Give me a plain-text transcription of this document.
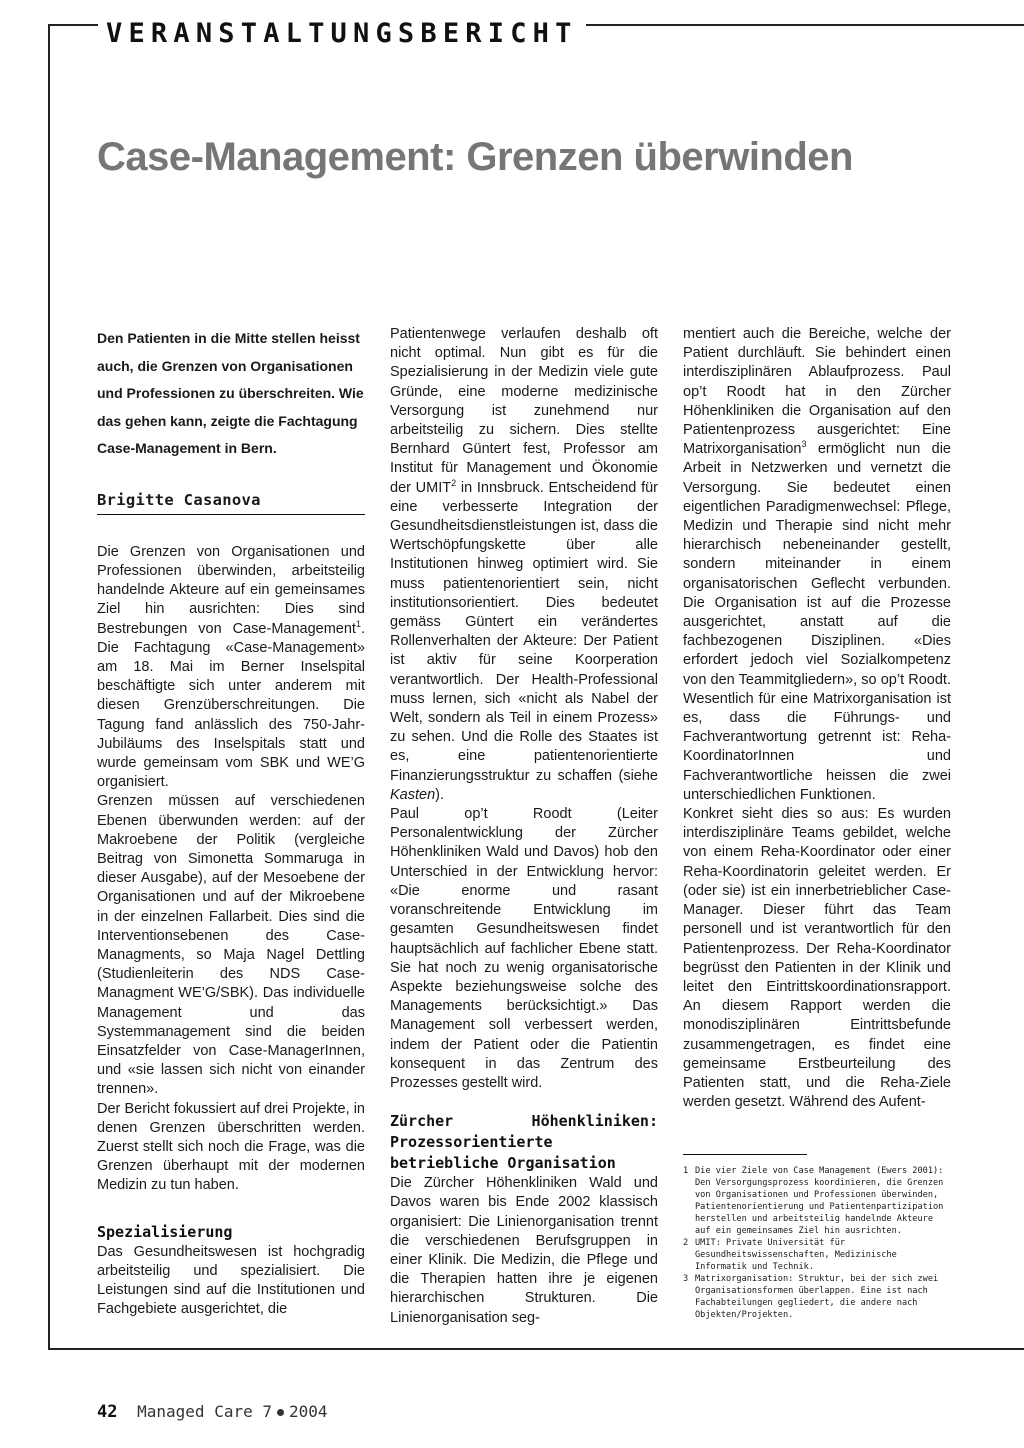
VERANSTALTUNGSBERICHT
Case-Management: Grenzen überwinden

Den Patienten in die Mitte stellen heisst auch, die Grenzen von Organisationen und Professionen zu überschreiten. Wie das gehen kann, zeigte die Fachtagung Case-Management in Bern.

Brigitte Casanova

Die Grenzen von Organisationen und Professionen überwinden, arbeitsteilig handelnde Akteure auf ein gemeinsames Ziel hin ausrichten: Dies sind Bestrebungen von Case-Management$^1$. Die Fachtagung «Case-Management» am 18. Mai im Berner Inselspital beschäftigte sich unter anderem mit diesen Grenzüberschreitungen. Die Tagung fand anlässlich des 750-Jahr-Jubiläums des Inselspitals statt und wurde gemeinsam vom SBK und WE’G organisiert.

Grenzen müssen auf verschiedenen Ebenen überwunden werden: auf der Makroebene der Politik (vergleiche Beitrag von Simonetta Sommaruga in dieser Ausgabe), auf der Mesoebene der Organisationen und auf der Mikroebene in der einzelnen Fallarbeit. Dies sind die Interventionsebenen des Case-Managments, so Maja Nagel Dettling (Studienleiterin des NDS Case-Managment WE’G/SBK). Das individuelle Management und das Systemmanagement sind die beiden Einsatzfelder von Case-ManagerInnen, und «sie lassen sich nicht von einander trennen».

Der Bericht fokussiert auf drei Projekte, in denen Grenzen überschritten werden. Zuerst stellt sich noch die Frage, was die Grenzen überhaupt mit der modernen Medizin zu tun haben.

Spezialisierung

Das Gesundheitswesen ist hochgradig arbeitsteilig und spezialisiert. Die Leistungen sind auf die Institutionen und Fachgebiete ausgerichtet, die

Patientenwege verlaufen deshalb oft nicht optimal. Nun gibt es für die Spezialisierung in der Medizin viele gute Gründe, eine moderne medizinische Versorgung ist zunehmend nur arbeitsteilig zu sichern. Dies stellte Bernhard Güntert fest, Professor am Institut für Management und Ökonomie der UMIT$^2$ in Innsbruck. Entscheidend für eine verbesserte Integration der Gesundheitsdienstleistungen ist, dass die Wertschöpfungskette über alle Institutionen hinweg optimiert wird. Sie muss patientenorientiert sein, nicht institutionsorientiert. Dies bedeutet gemäss Güntert ein verändertes Rollenverhalten der Akteure: Der Patient ist aktiv für seine Koorperation verantwortlich. Der Health-Professional muss lernen, sich «nicht als Nabel der Welt, sondern als Teil in einem Prozess» zu sehen. Und die Rolle des Staates ist es, eine patientenorientierte Finanzierungsstruktur zu schaffen (siehe Kasten).

Paul op’t Roodt (Leiter Personalentwicklung der Zürcher Höhenkliniken Wald und Davos) hob den Unterschied in der Entwicklung hervor: «Die enorme und rasant voranschreitende Entwicklung im gesamten Gesundheitswesen findet hauptsächlich auf fachlicher Ebene statt. Sie hat noch zu wenig organisatorische Aspekte beziehungsweise solche des Managements berücksichtigt.» Das Management soll verbessert werden, indem der Patient oder die Patientin konsequent in das Zentrum des Prozesses gestellt wird.

Zürcher Höhenkliniken: Prozessorientierte betriebliche Organisation

Die Zürcher Höhenkliniken Wald und Davos waren bis Ende 2002 klassisch organisiert: Die Linienorganisation trennt die verschiedenen Berufsgruppen in einer Klinik. Die Medizin, die Pflege und die Therapien hatten ihre je eigenen hierarchischen Strukturen. Die Linienorganisation seg-

mentiert auch die Bereiche, welche der Patient durchläuft. Sie behindert einen interdisziplinären Ablaufprozess. Paul op’t Roodt hat in den Zürcher Höhenkliniken die Organisation auf den Patientenprozess ausgerichtet: Eine Matrixorganisation$^3$ ermöglicht nun die Arbeit in Netzwerken und vernetzt die Versorgung. Sie bedeutet einen eigentlichen Paradigmenwechsel: Pflege, Medizin und Therapie sind nicht mehr hierarchisch nebeneinander gestellt, sondern miteinander in einem organisatorischen Geflecht verbunden. Die Organisation ist auf die Prozesse ausgerichtet, anstatt auf die fachbezogenen Disziplinen. «Dies erfordert jedoch viel Sozialkompetenz von den Teammitgliedern», so op’t Roodt. Wesentlich für eine Matrixorganisation ist es, dass die Führungs- und Fachverantwortung getrennt ist: Reha-KoordinatorInnen und Fachverantwortliche heissen die zwei unterschiedlichen Funktionen.

Konkret sieht dies so aus: Es wurden interdisziplinäre Teams gebildet, welche von einem Reha-Koordinator oder einer Reha-Koordinatorin geleitet werden. Er (oder sie) ist ein innerbetrieblicher Case-Manager. Dieser führt das Team personell und ist verantwortlich für den Patientenprozess. Der Reha-Koordinator begrüsst den Patienten in der Klinik und leitet den Eintrittskoordinationsrapport. An diesem Rapport werden die monodisziplinären Eintrittsbefunde zusammengetragen, es findet eine gemeinsame Erstbeurteilung des Patienten statt, und die Reha-Ziele werden gesetzt. Während des Aufent-

1 Die vier Ziele von Case Management (Ewers 2001): Den Versorgungsprozess koordinieren, die Grenzen von Organisationen und Professionen überwinden, Patientenorientierung und Patientenpartizipation herstellen und arbeitsteilig handelnde Akteure auf ein gemeinsames Ziel hin ausrichten.
2 UMIT: Private Universität für Gesundheitswissenschaften, Medizinische Informatik und Technik.
3 Matrixorganisation: Struktur, bei der sich zwei Organisationsformen überlappen. Eine ist nach Fachabteilungen gegliedert, die andere nach Objekten/Projekten.
42 Managed Care 7 2004
